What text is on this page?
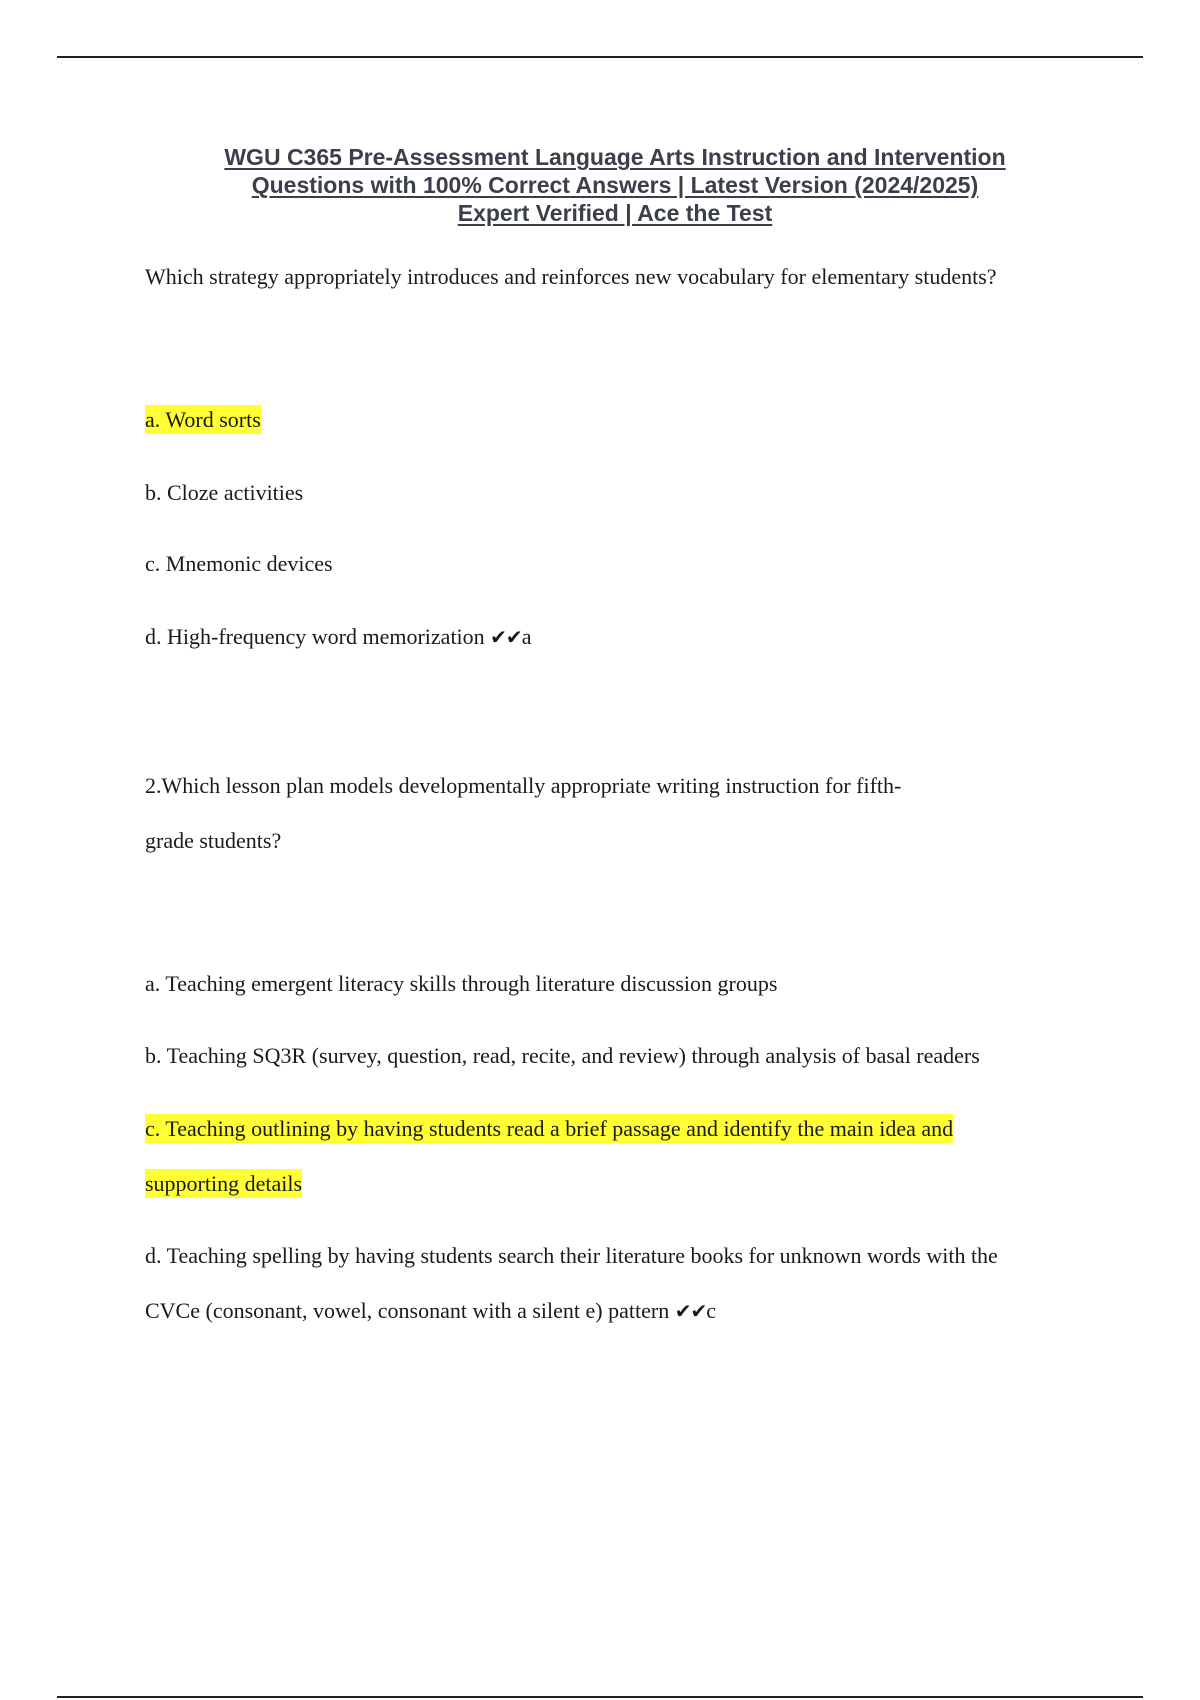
WGU C365 Pre-Assessment Language Arts Instruction and Intervention
Questions with 100% Correct Answers | Latest Version (2024/2025)
Expert Verified | Ace the Test
Which strategy appropriately introduces and reinforces new vocabulary for elementary students?
a. Word sorts
b. Cloze activities
c. Mnemonic devices
d. High-frequency word memorization ✔✔a
2.Which lesson plan models developmentally appropriate writing instruction for fifth-
grade students?
a. Teaching emergent literacy skills through literature discussion groups
b. Teaching SQ3R (survey, question, read, recite, and review) through analysis of basal readers
c. Teaching outlining by having students read a brief passage and identify the main idea and
supporting details
d. Teaching spelling by having students search their literature books for unknown words with the
CVCe (consonant, vowel, consonant with a silent e) pattern ✔✔c
